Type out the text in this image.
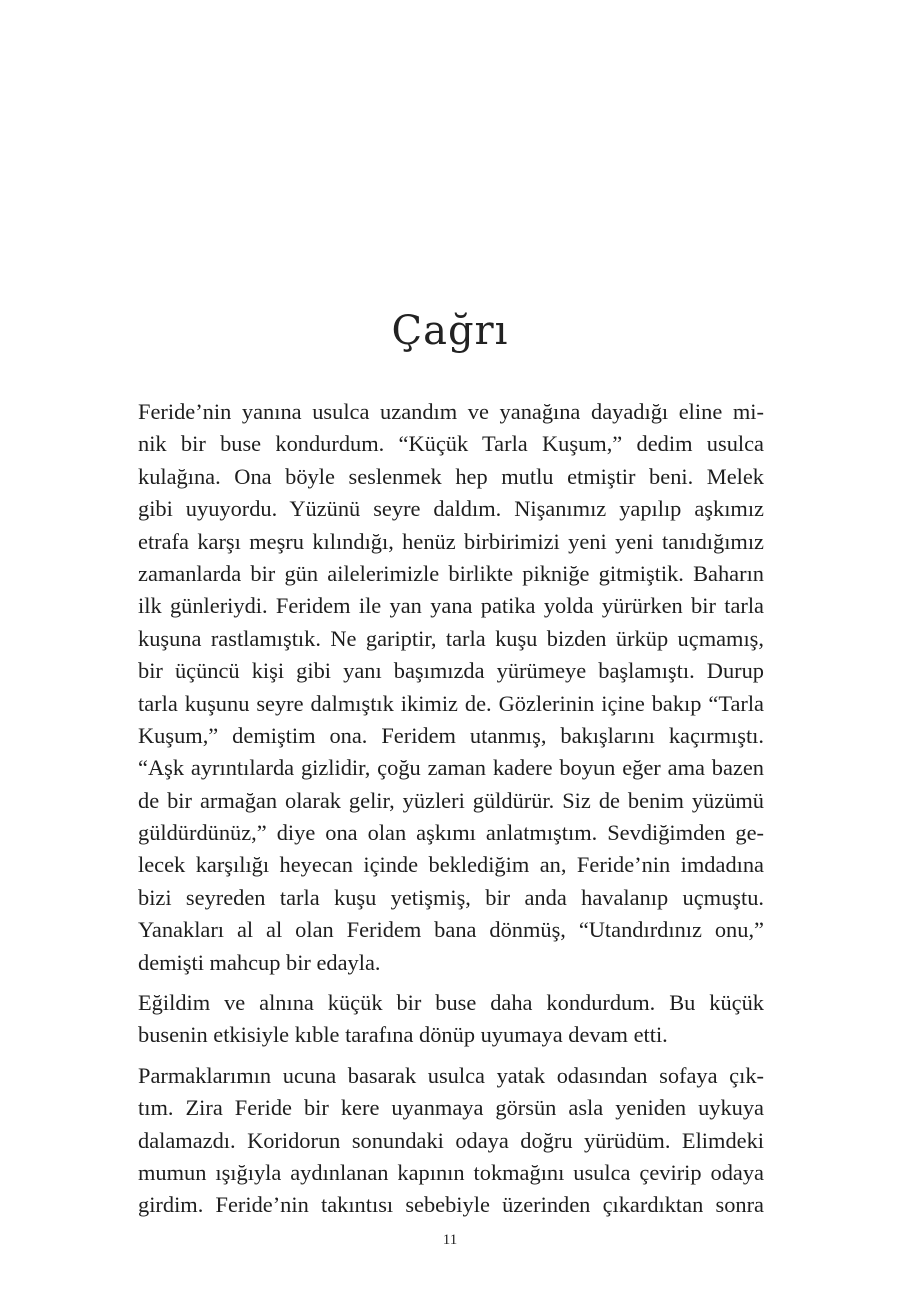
Çağrı
Feride’nin yanına usulca uzandım ve yanağına dayadığı eline mi-
nik bir buse kondurdum. “Küçük Tarla Kuşum,” dedim usulca
kulağına. Ona böyle seslenmek hep mutlu etmiştir beni. Melek
gibi uyuyordu. Yüzünü seyre daldım. Nişanımız yapılıp aşkımız
etrafa karşı meşru kılındığı, henüz birbirimizi yeni yeni tanıdığımız
zamanlarda bir gün ailelerimizle birlikte pikniğe gitmiştik. Baharın
ilk günleriydi. Feridem ile yan yana patika yolda yürürken bir tarla
kuşuna rastlamıştık. Ne gariptir, tarla kuşu bizden ürküp uçmamış,
bir üçüncü kişi gibi yanı başımızda yürümeye başlamıştı. Durup
tarla kuşunu seyre dalmıştık ikimiz de. Gözlerinin içine bakıp “Tarla
Kuşum,” demiştim ona. Feridem utanmış, bakışlarını kaçırmıştı.
“Aşk ayrıntılarda gizlidir, çoğu zaman kadere boyun eğer ama bazen
de bir armağan olarak gelir, yüzleri güldürür. Siz de benim yüzümü
güldürdünüz,” diye ona olan aşkımı anlatmıştım. Sevdiğimden ge-
lecek karşılığı heyecan içinde beklediğim an, Feride’nin imdadına
bizi seyreden tarla kuşu yetişmiş, bir anda havalanıp uçmuştu.
Yanakları al al olan Feridem bana dönmüş, “Utandırdınız onu,”
demişti mahcup bir edayla.
Eğildim ve alnına küçük bir buse daha kondurdum. Bu küçük
busenin etkisiyle kıble tarafına dönüp uyumaya devam etti.
Parmaklarımın ucuna basarak usulca yatak odasından sofaya çık-
tım. Zira Feride bir kere uyanmaya görsün asla yeniden uykuya
dalamazdı. Koridorun sonundaki odaya doğru yürüdüm. Elimdeki
mumun ışığıyla aydınlanan kapının tokmağını usulca çevirip odaya
girdim. Feride’nin takıntısı sebebiyle üzerinden çıkardıktan sonra
11
